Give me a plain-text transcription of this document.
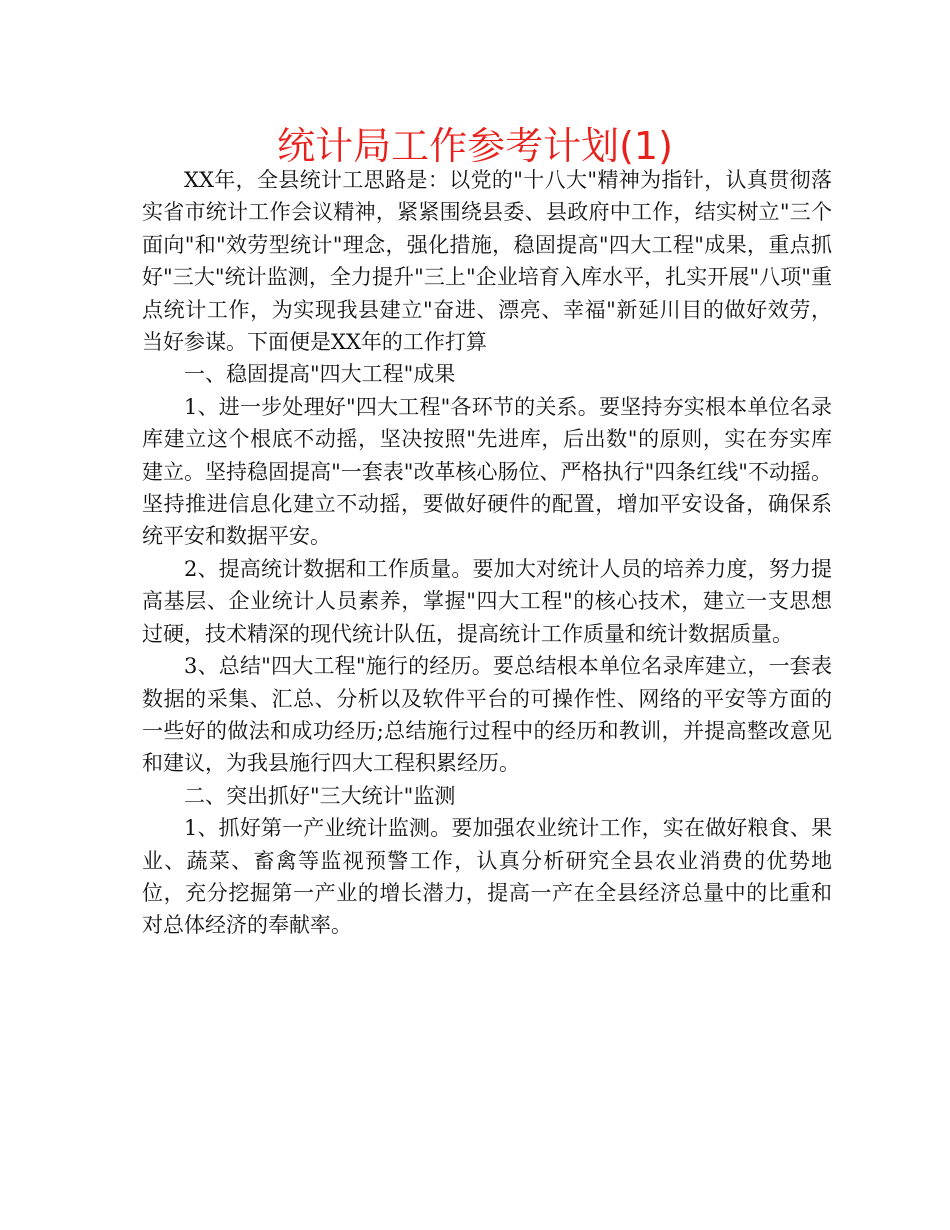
统计局工作参考计划(1)

XX年，全县统计工思路是：以党的"十八大"精神为指针，认真贯彻落实省市统计工作会议精神，紧紧围绕县委、县政府中工作，结实树立"三个面向"和"效劳型统计"理念，强化措施，稳固提高"四大工程"成果，重点抓好"三大"统计监测，全力提升"三上"企业培育入库水平，扎实开展"八项"重点统计工作，为实现我县建立"奋进、漂亮、幸福"新延川目的做好效劳，当好参谋。下面便是XX年的工作打算

一、稳固提高"四大工程"成果

1、进一步处理好"四大工程"各环节的关系。要坚持夯实根本单位名录库建立这个根底不动摇，坚决按照"先进库，后出数"的原则，实在夯实库建立。坚持稳固提高"一套表"改革核心肠位、严格执行"四条红线"不动摇。坚持推进信息化建立不动摇，要做好硬件的配置，增加平安设备，确保系统平安和数据平安。

2、提高统计数据和工作质量。要加大对统计人员的培养力度，努力提高基层、企业统计人员素养，掌握"四大工程"的核心技术，建立一支思想过硬，技术精深的现代统计队伍，提高统计工作质量和统计数据质量。

3、总结"四大工程"施行的经历。要总结根本单位名录库建立，一套表数据的采集、汇总、分析以及软件平台的可操作性、网络的平安等方面的一些好的做法和成功经历;总结施行过程中的经历和教训，并提高整改意见和建议，为我县施行四大工程积累经历。

二、突出抓好"三大统计"监测

1、抓好第一产业统计监测。要加强农业统计工作，实在做好粮食、果业、蔬菜、畜禽等监视预警工作，认真分析研究全县农业消费的优势地位，充分挖掘第一产业的增长潜力，提高一产在全县经济总量中的比重和对总体经济的奉献率。
